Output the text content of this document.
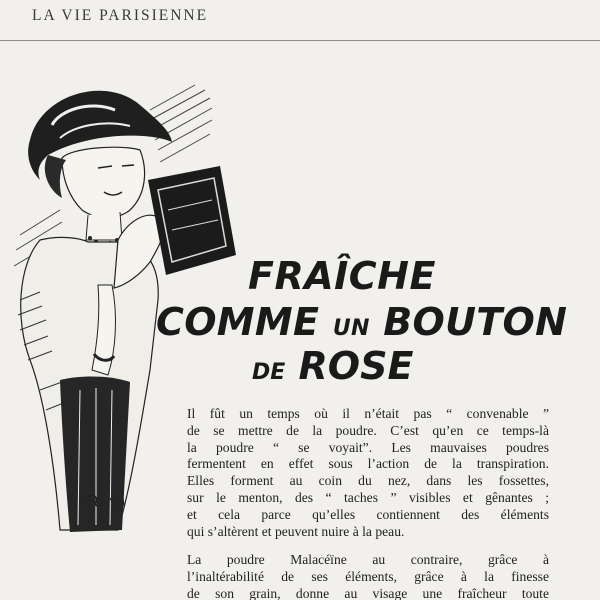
LA VIE PARISIENNE
FRAÎCHE
COMME UN BOUTON
DE ROSE

Il fût un temps où il n’était pas “ convenable ”

de se mettre de la poudre. C’est qu’en ce temps-là

la poudre “ se voyait”. Les mauvaises poudres

fermentent en effet sous l’action de la transpiration.

Elles forment au coin du nez, dans les fossettes,

sur le menton, des “ taches ” visibles et gênantes ;

et cela parce qu’elles contiennent des éléments

qui s’altèrent et peuvent nuire à la peau.

La poudre Malacéïne au contraire, grâce à

l’inaltérabilité de ses éléments, grâce à la finesse

de son grain, donne au visage une fraîcheur toute
